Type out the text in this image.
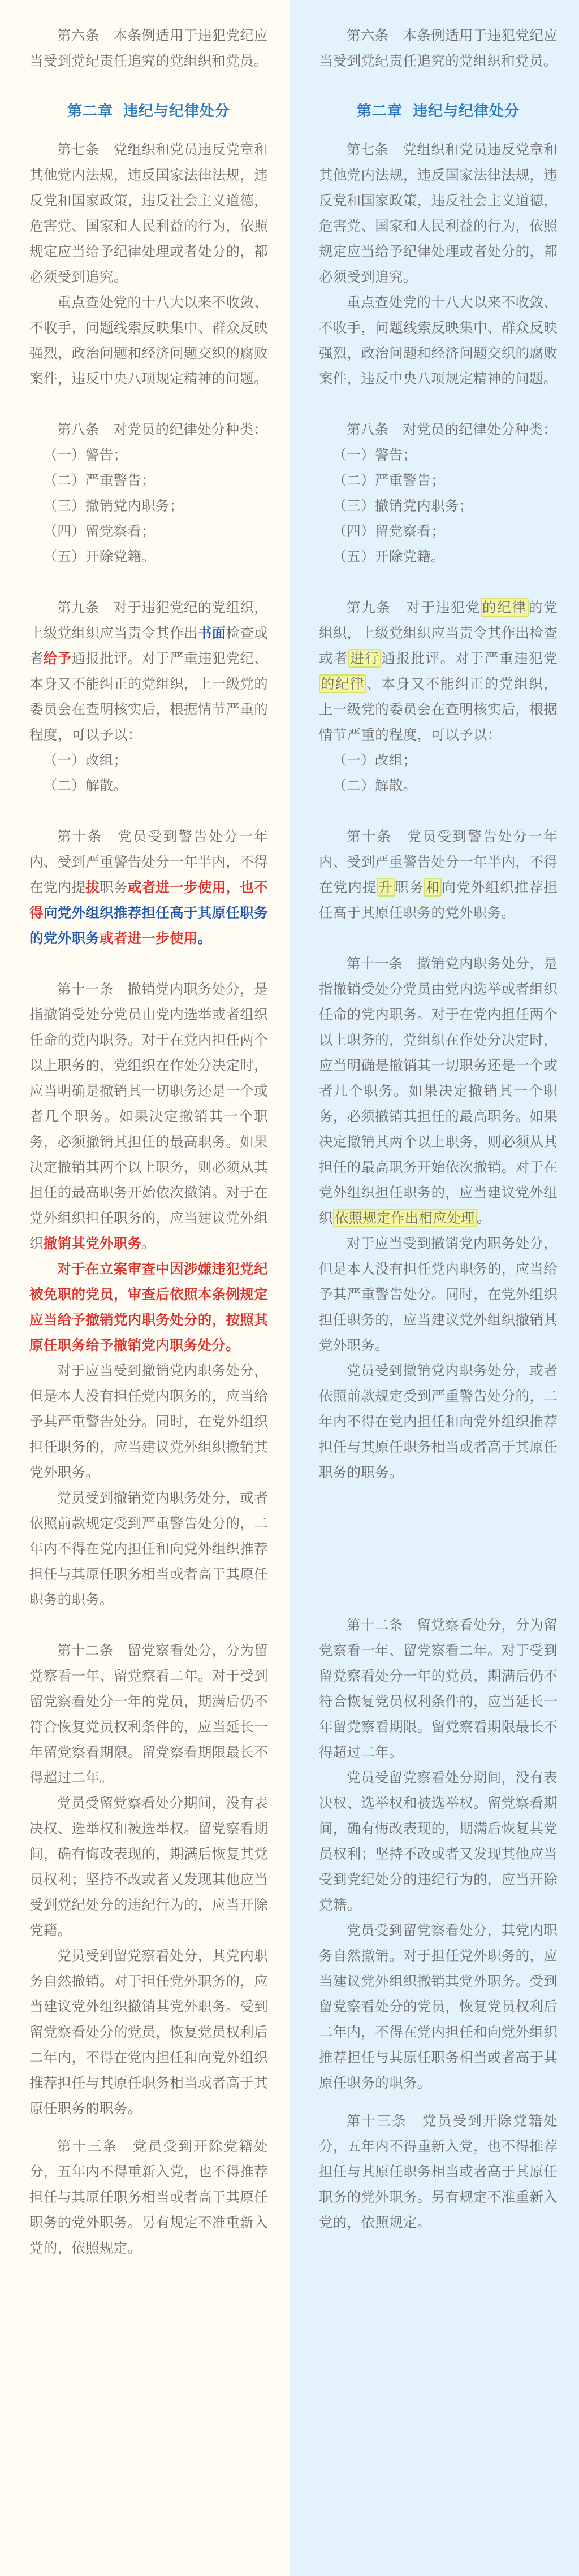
第六条　本条例适用于违犯党纪应当受到党纪责任追究的党组织和党员。

第二章 违纪与纪律处分

第七条　党组织和党员违反党章和其他党内法规，违反国家法律法规，违反党和国家政策，违反社会主义道德，危害党、国家和人民利益的行为，依照规定应当给予纪律处理或者处分的，都必须受到追究。

重点查处党的十八大以来不收敛、不收手，问题线索反映集中、群众反映强烈，政治问题和经济问题交织的腐败案件，违反中央八项规定精神的问题。

第八条　对党员的纪律处分种类：

（一）警告；

（二）严重警告；

（三）撤销党内职务；

（四）留党察看；

（五）开除党籍。

第九条　对于违犯党纪的党组织，上级党组织应当责令其作出书面检查或者给予通报批评。对于严重违犯党纪、本身又不能纠正的党组织，上一级党的委员会在查明核实后，根据情节严重的程度，可以予以：

（一）改组；

（二）解散。

第十条　党员受到警告处分一年内、受到严重警告处分一年半内，不得在党内提拔职务或者进一步使用，也不得向党外组织推荐担任高于其原任职务的党外职务或者进一步使用。

第十一条　撤销党内职务处分，是指撤销受处分党员由党内选举或者组织任命的党内职务。对于在党内担任两个以上职务的，党组织在作处分决定时，应当明确是撤销其一切职务还是一个或者几个职务。如果决定撤销其一个职务，必须撤销其担任的最高职务。如果决定撤销其两个以上职务，则必须从其担任的最高职务开始依次撤销。对于在党外组织担任职务的，应当建议党外组织撤销其党外职务。

对于在立案审查中因涉嫌违犯党纪被免职的党员，审查后依照本条例规定应当给予撤销党内职务处分的，按照其原任职务给予撤销党内职务处分。

对于应当受到撤销党内职务处分，但是本人没有担任党内职务的，应当给予其严重警告处分。同时，在党外组织担任职务的，应当建议党外组织撤销其党外职务。

党员受到撤销党内职务处分，或者依照前款规定受到严重警告处分的，二年内不得在党内担任和向党外组织推荐担任与其原任职务相当或者高于其原任职务的职务。

第十二条　留党察看处分，分为留党察看一年、留党察看二年。对于受到留党察看处分一年的党员，期满后仍不符合恢复党员权利条件的，应当延长一年留党察看期限。留党察看期限最长不得超过二年。

党员受留党察看处分期间，没有表决权、选举权和被选举权。留党察看期间，确有悔改表现的，期满后恢复其党员权利；坚持不改或者又发现其他应当受到党纪处分的违纪行为的，应当开除党籍。

党员受到留党察看处分，其党内职务自然撤销。对于担任党外职务的，应当建议党外组织撤销其党外职务。受到留党察看处分的党员，恢复党员权利后二年内，不得在党内担任和向党外组织推荐担任与其原任职务相当或者高于其原任职务的职务。

第十三条　党员受到开除党籍处分，五年内不得重新入党，也不得推荐担任与其原任职务相当或者高于其原任职务的党外职务。另有规定不准重新入党的，依照规定。

第六条　本条例适用于违犯党纪应当受到党纪责任追究的党组织和党员。

第二章 违纪与纪律处分

第七条　党组织和党员违反党章和其他党内法规，违反国家法律法规，违反党和国家政策，违反社会主义道德，危害党、国家和人民利益的行为，依照规定应当给予纪律处理或者处分的，都必须受到追究。

重点查处党的十八大以来不收敛、不收手，问题线索反映集中、群众反映强烈，政治问题和经济问题交织的腐败案件，违反中央八项规定精神的问题。

第八条　对党员的纪律处分种类：

（一）警告；

（二）严重警告；

（三）撤销党内职务；

（四）留党察看；

（五）开除党籍。

第九条　对于违犯党 的纪律 的党组织，上级党组织应当责令其作出检查或者 进行 通报批评。对于严重违犯党的纪律 、本身又不能纠正的党组织，上一级党的委员会在查明核实后，根据情节严重的程度，可以予以：

（一）改组；

（二）解散。

第十条　党员受到警告处分一年内、受到严重警告处分一年半内，不得在党内提 升 职务 和 向党外组织推荐担任高于其原任职务的党外职务。

第十一条　撤销党内职务处分，是指撤销受处分党员由党内选举或者组织任命的党内职务。对于在党内担任两个以上职务的，党组织在作处分决定时，应当明确是撤销其一切职务还是一个或者几个职务。如果决定撤销其一个职务，必须撤销其担任的最高职务。如果决定撤销其两个以上职务，则必须从其担任的最高职务开始依次撤销。对于在党外组织担任职务的，应当建议党外组织 依照规定作出相应处理 。

对于应当受到撤销党内职务处分，但是本人没有担任党内职务的，应当给予其严重警告处分。同时，在党外组织担任职务的，应当建议党外组织撤销其党外职务。

党员受到撤销党内职务处分，或者依照前款规定受到严重警告处分的，二年内不得在党内担任和向党外组织推荐担任与其原任职务相当或者高于其原任职务的职务。

第十二条　留党察看处分，分为留党察看一年、留党察看二年。对于受到留党察看处分一年的党员，期满后仍不符合恢复党员权利条件的，应当延长一年留党察看期限。留党察看期限最长不得超过二年。

党员受留党察看处分期间，没有表决权、选举权和被选举权。留党察看期间，确有悔改表现的，期满后恢复其党员权利；坚持不改或者又发现其他应当受到党纪处分的违纪行为的，应当开除党籍。

党员受到留党察看处分，其党内职务自然撤销。对于担任党外职务的，应当建议党外组织撤销其党外职务。受到留党察看处分的党员，恢复党员权利后二年内，不得在党内担任和向党外组织推荐担任与其原任职务相当或者高于其原任职务的职务。

第十三条　党员受到开除党籍处分，五年内不得重新入党，也不得推荐担任与其原任职务相当或者高于其原任职务的党外职务。另有规定不准重新入党的，依照规定。
